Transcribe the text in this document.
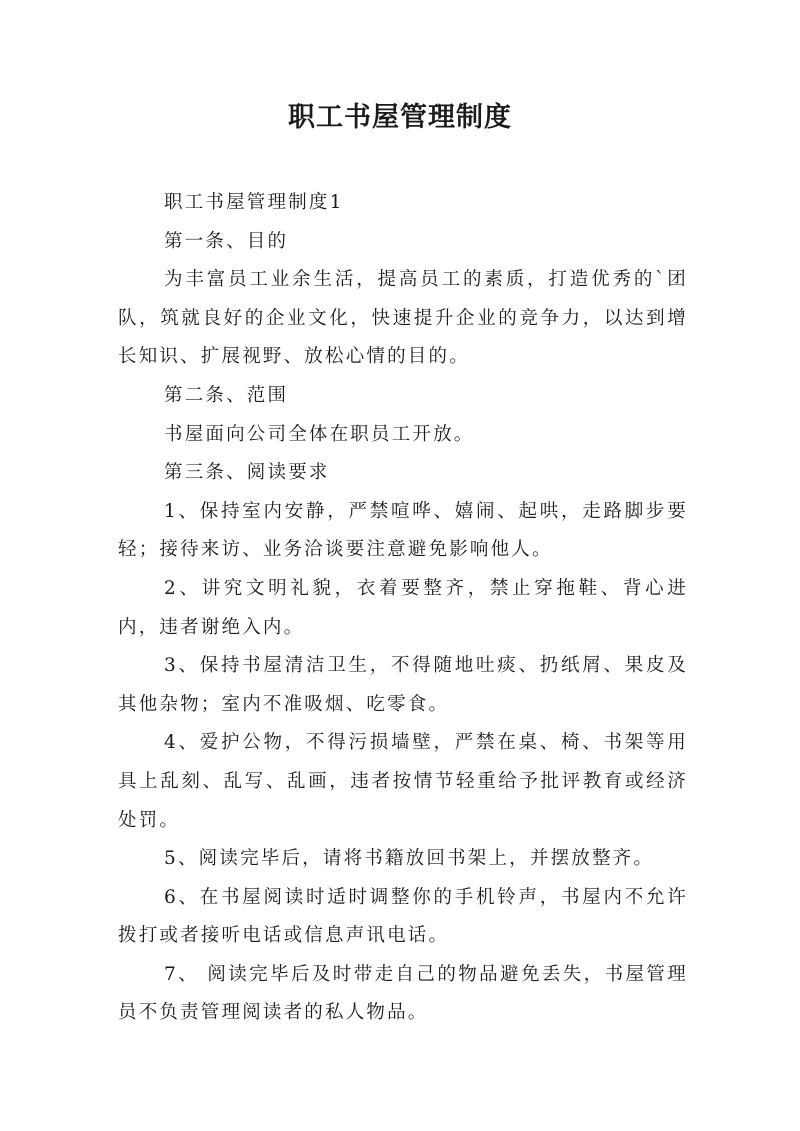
职工书屋管理制度

职工书屋管理制度1

第一条、目的

为丰富员工业余生活，提高员工的素质，打造优秀的`团队，筑就良好的企业文化，快速提升企业的竞争力，以达到增长知识、扩展视野、放松心情的目的。

第二条、范围

书屋面向公司全体在职员工开放。

第三条、阅读要求

1、保持室内安静，严禁喧哗、嬉闹、起哄，走路脚步要轻；接待来访、业务洽谈要注意避免影响他人。

2、讲究文明礼貌，衣着要整齐，禁止穿拖鞋、背心进内，违者谢绝入内。

3、保持书屋清洁卫生，不得随地吐痰、扔纸屑、果皮及其他杂物；室内不准吸烟、吃零食。

4、爱护公物，不得污损墙壁，严禁在桌、椅、书架等用具上乱刻、乱写、乱画，违者按情节轻重给予批评教育或经济处罚。

5、阅读完毕后，请将书籍放回书架上，并摆放整齐。

6、在书屋阅读时适时调整你的手机铃声，书屋内不允许拨打或者接听电话或信息声讯电话。

7、 阅读完毕后及时带走自己的物品避免丢失，书屋管理员不负责管理阅读者的私人物品。
